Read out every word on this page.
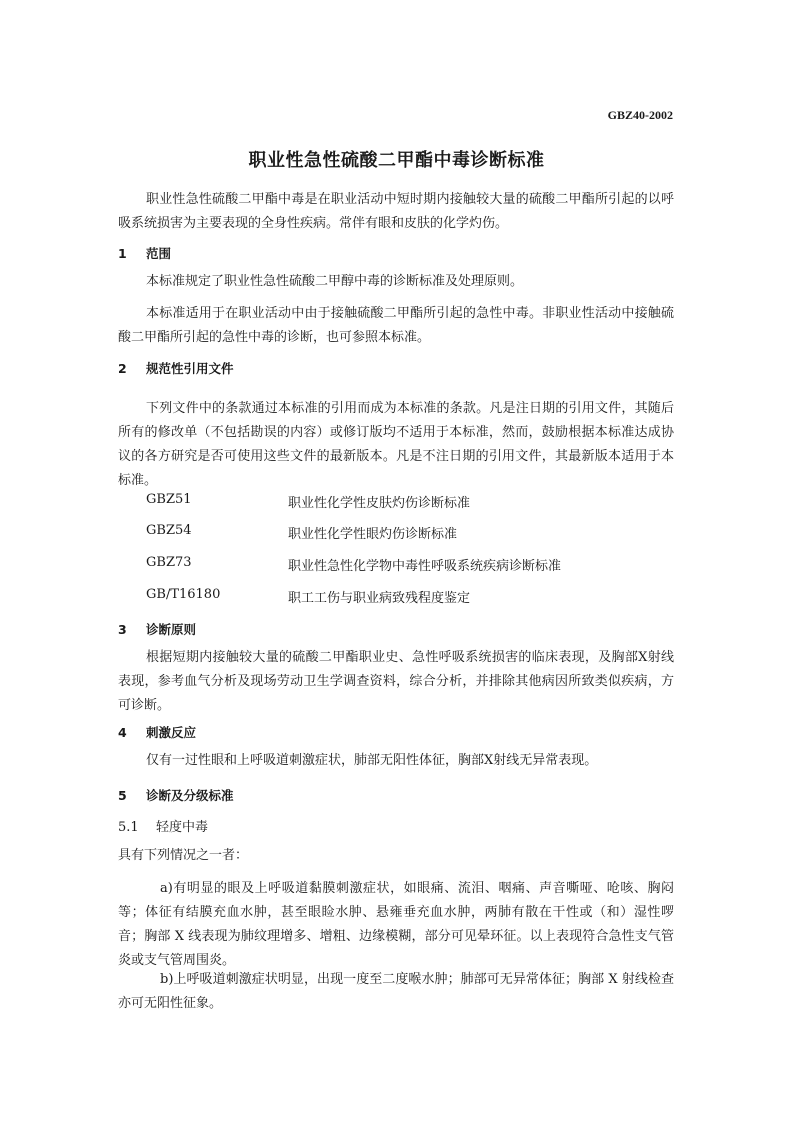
GBZ40-2002
职业性急性硫酸二甲酯中毒诊断标准
职业性急性硫酸二甲酯中毒是在职业活动中短时期内接触较大量的硫酸二甲酯所引起的以呼吸系统损害为主要表现的全身性疾病。常伴有眼和皮肤的化学灼伤。
1 范围
本标准规定了职业性急性硫酸二甲醇中毒的诊断标准及处理原则。
本标准适用于在职业活动中由于接触硫酸二甲酯所引起的急性中毒。非职业性活动中接触硫酸二甲酯所引起的急性中毒的诊断，也可参照本标准。
2 规范性引用文件
下列文件中的条款通过本标准的引用而成为本标准的条款。凡是注日期的引用文件，其随后所有的修改单（不包括勘误的内容）或修订版均不适用于本标准，然而，鼓励根据本标准达成协议的各方研究是否可使用这些文件的最新版本。凡是不注日期的引用文件，其最新版本适用于本标准。
GBZ51	职业性化学性皮肤灼伤诊断标准
GBZ54	职业性化学性眼灼伤诊断标准
GBZ73	职业性急性化学物中毒性呼吸系统疾病诊断标准
GB/T16180	职工工伤与职业病致残程度鉴定
3 诊断原则
根据短期内接触较大量的硫酸二甲酯职业史、急性呼吸系统损害的临床表现，及胸部X射线表现，参考血气分析及现场劳动卫生学调查资料，综合分析，并排除其他病因所致类似疾病，方可诊断。
4 刺激反应
仅有一过性眼和上呼吸道刺激症状，肺部无阳性体征，胸部X射线无异常表现。
5 诊断及分级标准
5.1 轻度中毒
具有下列情况之一者：
a)有明显的眼及上呼吸道黏膜刺激症状，如眼痛、流泪、咽痛、声音嘶哑、呛咳、胸闷等；体征有结膜充血水肿，甚至眼睑水肿、悬雍垂充血水肿，两肺有散在干性或（和）湿性啰音；胸部 X 线表现为肺纹理增多、增粗、边缘模糊，部分可见晕环征。以上表现符合急性支气管炎或支气管周围炎。
b)上呼吸道刺激症状明显，出现一度至二度喉水肿；肺部可无异常体征；胸部 X 射线检查亦可无阳性征象。
